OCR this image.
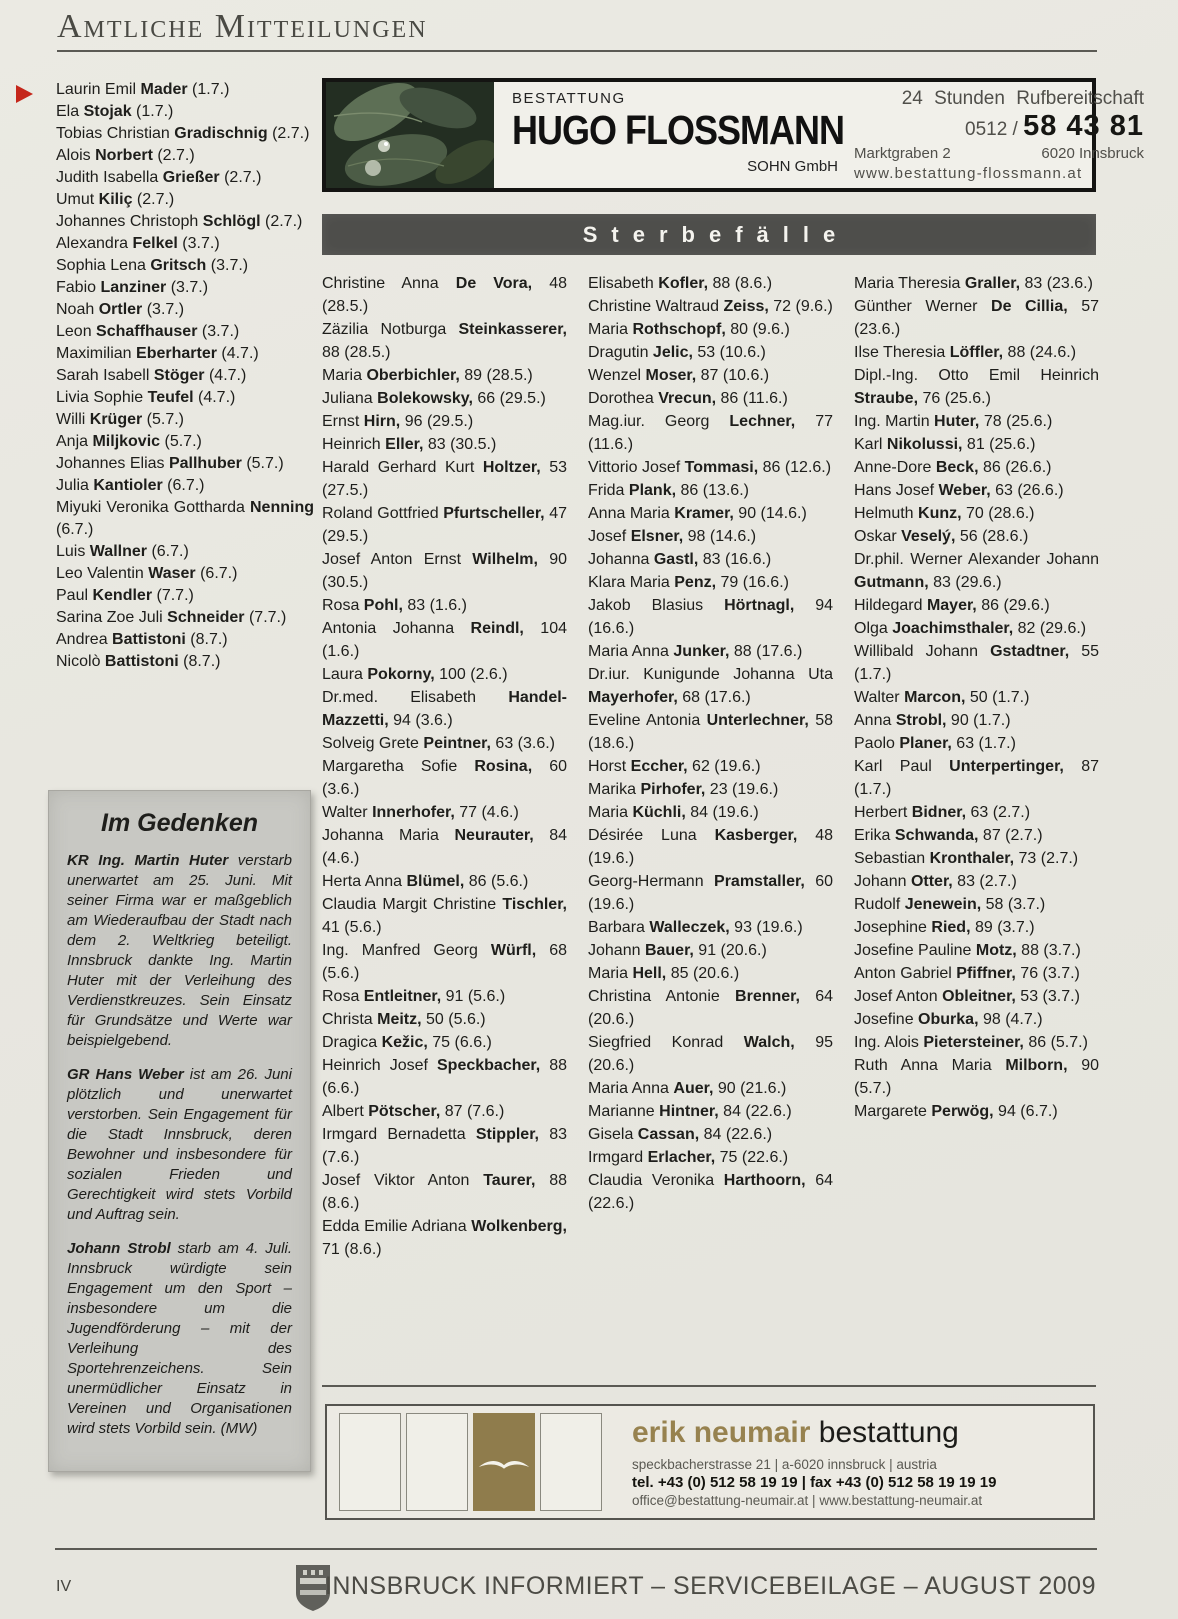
Amtliche Mitteilungen
Laurin Emil Mader (1.7.)
Ela Stojak (1.7.)
Tobias Christian Gradischnig (2.7.)
Alois Norbert (2.7.)
Judith Isabella Grießer (2.7.)
Umut Kiliç (2.7.)
Johannes Christoph Schlögl (2.7.)
Alexandra Felkel (3.7.)
Sophia Lena Gritsch (3.7.)
Fabio Lanziner (3.7.)
Noah Ortler (3.7.)
Leon Schaffhauser (3.7.)
Maximilian Eberharter (4.7.)
Sarah Isabell Stöger (4.7.)
Livia Sophie Teufel (4.7.)
Willi Krüger (5.7.)
Anja Miljkovic (5.7.)
Johannes Elias Pallhuber (5.7.)
Julia Kantioler (6.7.)
Miyuki Veronika Gottharda Nenning (6.7.)
Luis Wallner (6.7.)
Leo Valentin Waser (6.7.)
Paul Kendler (7.7.)
Sarina Zoe Juli Schneider (7.7.)
Andrea Battistoni (8.7.)
Nicolò Battistoni (8.7.)
Im Gedenken

KR Ing. Martin Huter verstarb unerwartet am 25. Juni. Mit seiner Firma war er maßgeblich am Wiederaufbau der Stadt nach dem 2. Weltkrieg beteiligt. Innsbruck dankte Ing. Martin Huter mit der Verleihung des Verdienstkreuzes. Sein Einsatz für Grundsätze und Werte war beispielgebend.

GR Hans Weber ist am 26. Juni plötzlich und unerwartet verstorben. Sein Engagement für die Stadt Innsbruck, deren Bewohner und insbesondere für sozialen Frieden und Gerechtigkeit wird stets Vorbild und Auftrag sein.

Johann Strobl starb am 4. Juli. Innsbruck würdigte sein Engagement um den Sport – insbesondere um die Jugendförderung – mit der Verleihung des Sportehrenzeichens. Sein unermüdlicher Einsatz in Vereinen und Organisationen wird stets Vorbild sein. (MW)

BESTATTUNG
HUGO FLOSSMANN
SOHN GmbH
24 Stunden Rufbereitschaft
0512 / 58 43 81
Marktgraben 2	6020 Innsbruck
www.bestattung-flossmann.at
Sterbefälle
Christine Anna De Vora, 48 (28.5.)
Zäzilia Notburga Steinkasserer, 88 (28.5.)
Maria Oberbichler, 89 (28.5.)
Juliana Bolekowsky, 66 (29.5.)
Ernst Hirn, 96 (29.5.)
Heinrich Eller, 83 (30.5.)
Harald Gerhard Kurt Holtzer, 53 (27.5.)
Roland Gottfried Pfurtscheller, 47 (29.5.)
Josef Anton Ernst Wilhelm, 90 (30.5.)
Rosa Pohl, 83 (1.6.)
Antonia Johanna Reindl, 104 (1.6.)
Laura Pokorny, 100 (2.6.)
Dr.med. Elisabeth Handel-Mazzetti, 94 (3.6.)
Solveig Grete Peintner, 63 (3.6.)
Margaretha Sofie Rosina, 60 (3.6.)
Walter Innerhofer, 77 (4.6.)
Johanna Maria Neurauter, 84 (4.6.)
Herta Anna Blümel, 86 (5.6.)
Claudia Margit Christine Tischler, 41 (5.6.)
Ing. Manfred Georg Würfl, 68 (5.6.)
Rosa Entleitner, 91 (5.6.)
Christa Meitz, 50 (5.6.)
Dragica Kežic, 75 (6.6.)
Heinrich Josef Speckbacher, 88 (6.6.)
Albert Pötscher, 87 (7.6.)
Irmgard Bernadetta Stippler, 83 (7.6.)
Josef Viktor Anton Taurer, 88 (8.6.)
Edda Emilie Adriana Wolkenberg, 71 (8.6.)
Elisabeth Kofler, 88 (8.6.)
Christine Waltraud Zeiss, 72 (9.6.)
Maria Rothschopf, 80 (9.6.)
Dragutin Jelic, 53 (10.6.)
Wenzel Moser, 87 (10.6.)
Dorothea Vrecun, 86 (11.6.)
Mag.iur. Georg Lechner, 77 (11.6.)
Vittorio Josef Tommasi, 86 (12.6.)
Frida Plank, 86 (13.6.)
Anna Maria Kramer, 90 (14.6.)
Josef Elsner, 98 (14.6.)
Johanna Gastl, 83 (16.6.)
Klara Maria Penz, 79 (16.6.)
Jakob Blasius Hörtnagl, 94 (16.6.)
Maria Anna Junker, 88 (17.6.)
Dr.iur. Kunigunde Johanna Uta Mayerhofer, 68 (17.6.)
Eveline Antonia Unterlechner, 58 (18.6.)
Horst Eccher, 62 (19.6.)
Marika Pirhofer, 23 (19.6.)
Maria Küchli, 84 (19.6.)
Désirée Luna Kasberger, 48 (19.6.)
Georg-Hermann Pramstaller, 60 (19.6.)
Barbara Walleczek, 93 (19.6.)
Johann Bauer, 91 (20.6.)
Maria Hell, 85 (20.6.)
Christina Antonie Brenner, 64 (20.6.)
Siegfried Konrad Walch, 95 (20.6.)
Maria Anna Auer, 90 (21.6.)
Marianne Hintner, 84 (22.6.)
Gisela Cassan, 84 (22.6.)
Irmgard Erlacher, 75 (22.6.)
Claudia Veronika Harthoorn, 64 (22.6.)
Maria Theresia Graller, 83 (23.6.)
Günther Werner De Cillia, 57 (23.6.)
Ilse Theresia Löffler, 88 (24.6.)
Dipl.-Ing. Otto Emil Heinrich Straube, 76 (25.6.)
Ing. Martin Huter, 78 (25.6.)
Karl Nikolussi, 81 (25.6.)
Anne-Dore Beck, 86 (26.6.)
Hans Josef Weber, 63 (26.6.)
Helmuth Kunz, 70 (28.6.)
Oskar Veselý, 56 (28.6.)
Dr.phil. Werner Alexander Johann Gutmann, 83 (29.6.)
Hildegard Mayer, 86 (29.6.)
Olga Joachimsthaler, 82 (29.6.)
Willibald Johann Gstadtner, 55 (1.7.)
Walter Marcon, 50 (1.7.)
Anna Strobl, 90 (1.7.)
Paolo Planer, 63 (1.7.)
Karl Paul Unterpertinger, 87 (1.7.)
Herbert Bidner, 63 (2.7.)
Erika Schwanda, 87 (2.7.)
Sebastian Kronthaler, 73 (2.7.)
Johann Otter, 83 (2.7.)
Rudolf Jenewein, 58 (3.7.)
Josephine Ried, 89 (3.7.)
Josefine Pauline Motz, 88 (3.7.)
Anton Gabriel Pfiffner, 76 (3.7.)
Josef Anton Obleitner, 53 (3.7.)
Josefine Oburka, 98 (4.7.)
Ing. Alois Pietersteiner, 86 (5.7.)
Ruth Anna Maria Milborn, 90 (5.7.)
Margarete Perwög, 94 (6.7.)
erik neumair bestattung
speckbacherstrasse 21 | a-6020 innsbruck | austria
tel. +43 (0) 512 58 19 19 | fax +43 (0) 512 58 19 19 19
office@bestattung-neumair.at | www.bestattung-neumair.at
IV	INNSBRUCK INFORMIERT – SERVICEBEILAGE – AUGUST 2009
